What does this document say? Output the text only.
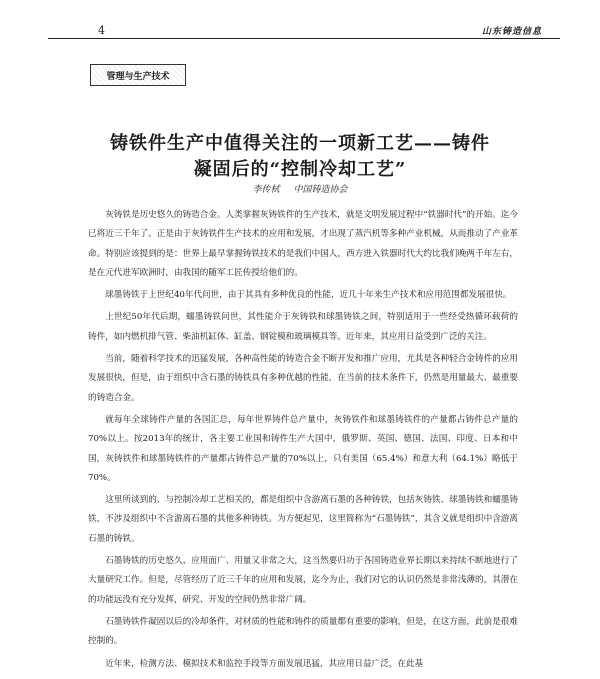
4	山东铸造信息
管理与生产技术
铸铁件生产中值得关注的一项新工艺——铸件
凝固后的“控制冷却工艺”
李传栻 中国铸造协会

灰铸铁是历史悠久的铸造合金。人类掌握灰铸铁件的生产技术，就是文明发展过程中“铁器时代”的开始。迄今已将近三千年了。正是由于灰铸铁件生产技术的应用和发展，才出现了蒸汽机等多种产业机械，从而推动了产业革命。特别应该提到的是：世界上最早掌握铸铁技术的是我们中国人，西方进入铁器时代大约比我们晚两千年左右，是在元代进军欧洲时，由我国的随军工匠传授给他们的。

球墨铸铁于上世纪40年代问世，由于其具有多种优良的性能，近几十年来生产技术和应用范围都发展很快。

上世纪50年代后期，蠕墨铸铁问世，其性能介于灰铸铁和球墨铸铁之间，特别适用于一些经受热循环载荷的铸件，如内燃机排气管、柴油机缸体、缸盖、钢锭模和玻璃模具等。近年来，其应用日益受到广泛的关注。

当前，随着科学技术的迅猛发展，各种高性能的铸造合金不断开发和推广应用，尤其是各种轻合金铸件的应用发展很快，但是，由于组织中含石墨的铸铁具有多种优越的性能，在当前的技术条件下，仍然是用量最大、最重要的铸造合金。

就每年全球铸件产量的各国汇总，每年世界铸件总产量中，灰铸铁件和球墨铸铁件的产量都占铸件总产量的70%以上。按2013年的统计，各主要工业国和铸件生产大国中，俄罗斯、英国、德国、法国、印度、日本和中国，灰铸铁件和球墨铸铁件的产量都占铸件总产量的70%以上，只有美国（65.4%）和意大利（64.1%）略低于70%。

这里所谈到的、与控制冷却工艺相关的，都是组织中含游离石墨的各种铸铁，包括灰铸铁、球墨铸铁和蠕墨铸铁，不涉及组织中不含游离石墨的其他多种铸铁。为方便起见，这里简称为“石墨铸铁”，其含义就是组织中含游离石墨的铸铁。

石墨铸铁的历史悠久、应用面广、用量又非常之大，这当然要归功于各国铸造业界长期以来持续不断地进行了大量研究工作。但是，尽管经历了近三千年的应用和发展，迄今为止，我们对它的认识仍然是非常浅薄的，其潜在的功能远没有充分发挥，研究、开发的空间仍然非常广阔。

石墨铸铁件凝固以后的冷却条件，对材质的性能和铸件的质量都有重要的影响，但是，在这方面，此前是很难控制的。

近年来，检测方法、模拟技术和监控手段等方面发展迅猛，其应用日益广泛，在此基
